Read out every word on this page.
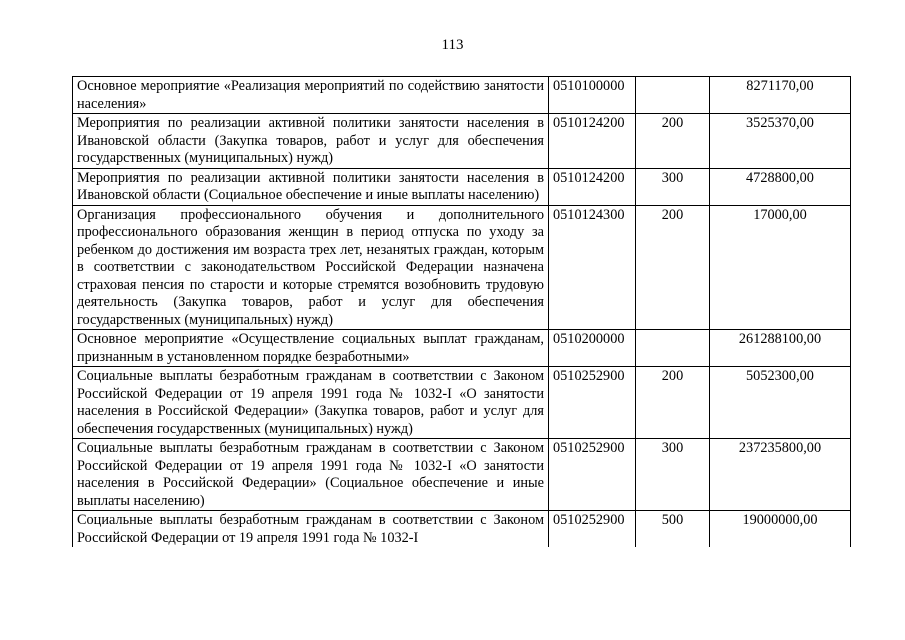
113
Основное мероприятие «Реализация мероприятий по содействию занятости населения»	0510100000		8271170,00
Мероприятия по реализации активной политики занятости населения в Ивановской области (Закупка товаров, работ и услуг для обеспечения государственных (муниципальных) нужд)	0510124200	200	3525370,00
Мероприятия по реализации активной политики занятости населения в Ивановской области (Социальное обеспечение и иные выплаты населению)	0510124200	300	4728800,00
Организация профессионального обучения и дополнительного профессионального образования женщин в период отпуска по уходу за ребенком до достижения им возраста трех лет, незанятых граждан, которым в соответствии с законодательством Российской Федерации назначена страховая пенсия по старости и которые стремятся возобновить трудовую деятельность (Закупка товаров, работ и услуг для обеспечения государственных (муниципальных) нужд)	0510124300	200	17000,00
Основное мероприятие «Осуществление социальных выплат гражданам, признанным в установленном порядке безработными»	0510200000		261288100,00
Социальные выплаты безработным гражданам в соответствии с Законом Российской Федерации от 19 апреля 1991 года № 1032-I «О занятости населения в Российской Федерации» (Закупка товаров, работ и услуг для обеспечения государственных (муниципальных) нужд)	0510252900	200	5052300,00
Социальные выплаты безработным гражданам в соответствии с Законом Российской Федерации от 19 апреля 1991 года № 1032-I «О занятости населения в Российской Федерации» (Социальное обеспечение и иные выплаты населению)	0510252900	300	237235800,00
Социальные выплаты безработным гражданам в соответствии с Законом Российской Федерации от 19 апреля 1991 года № 1032-I	0510252900	500	19000000,00
